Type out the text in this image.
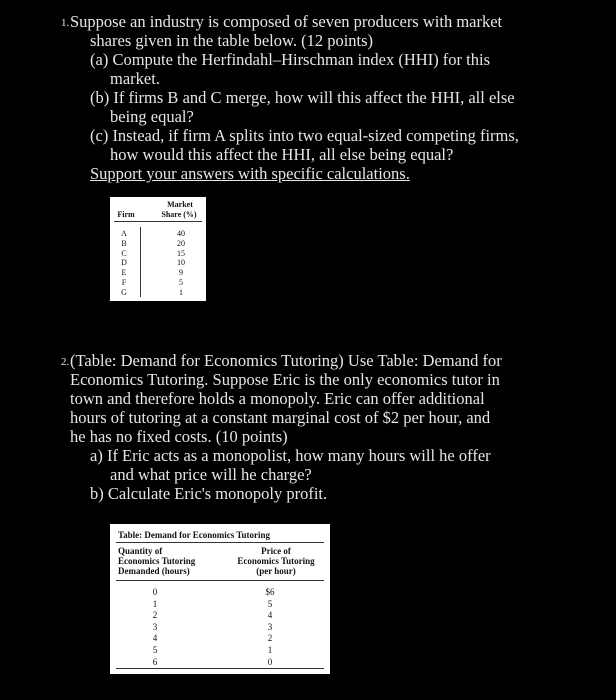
1. Suppose an industry is composed of seven producers with market
shares given in the table below. (12 points)
(a) Compute the Herfindahl–Hirschman index (HHI) for this
market.
(b) If firms B and C merge, how will this affect the HHI, all else
being equal?
(c) Instead, if firm A splits into two equal-sized competing firms,
how would this affect the HHI, all else being equal?
Support your answers with specific calculations.
Market
Firm	Share (%)
A
B
C
D
E
F
G
40
20
15
10
9
5
1
2. (Table: Demand for Economics Tutoring) Use Table: Demand for
Economics Tutoring. Suppose Eric is the only economics tutor in
town and therefore holds a monopoly. Eric can offer additional
hours of tutoring at a constant marginal cost of $2 per hour, and
he has no fixed costs. (10 points)
a) If Eric acts as a monopolist, how many hours will he offer
and what price will he charge?
b) Calculate Eric's monopoly profit.
Table: Demand for Economics Tutoring
Quantity of
Economics Tutoring
Demanded (hours)
Price of
Economics Tutoring
(per hour)
0
1
2
3
4
5
6
$6
5
4
3
2
1
0
